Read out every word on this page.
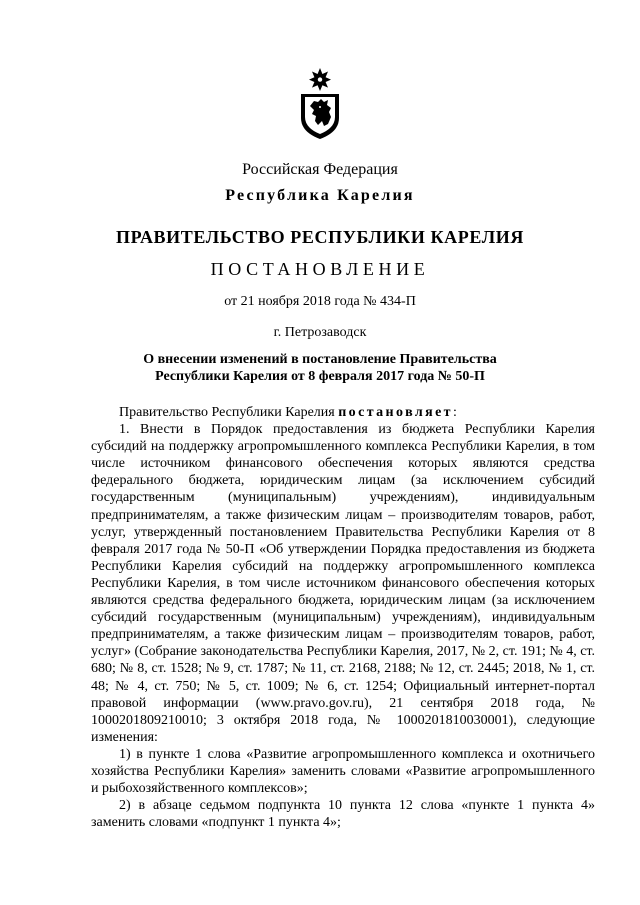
Российская Федерация
Республика Карелия
ПРАВИТЕЛЬСТВО РЕСПУБЛИКИ КАРЕЛИЯ
ПОСТАНОВЛЕНИЕ
от 21 ноября 2018 года № 434-П
г. Петрозаводск
О внесении изменений в постановление Правительства
Республики Карелия от 8 февраля 2017 года № 50-П

Правительство Республики Карелия постановляет:

1. Внести в Порядок предоставления из бюджета Республики Карелия субсидий на поддержку агропромышленного комплекса Республики Карелия, в том числе источником финансового обеспечения которых являются средства федерального бюджета, юридическим лицам (за исключением субсидий государственным (муниципальным) учреждениям), индивидуальным предпринимателям, а также физическим лицам – производителям товаров, работ, услуг, утвержденный постановлением Правительства Республики Карелия от 8 февраля 2017 года № 50-П «Об утверждении Порядка предоставления из бюджета Республики Карелия субсидий на поддержку агропромышленного комплекса Республики Карелия, в том числе источником финансового обеспечения которых являются средства федерального бюджета, юридическим лицам (за исключением субсидий государственным (муниципальным) учреждениям), индивидуальным предпринимателям, а также физическим лицам – производителям товаров, работ, услуг» (Собрание законодательства Республики Карелия, 2017, № 2, ст. 191; № 4, ст. 680; № 8, ст. 1528; № 9, ст. 1787; № 11, ст. 2168, 2188; № 12, ст. 2445; 2018, № 1, ст. 48; № 4, ст. 750; № 5, ст. 1009; № 6, ст. 1254; Официальный интернет-портал правовой информации (www.pravo.gov.ru), 21 сентября 2018 года, № 1000201809210010; 3 октября 2018 года, № 1000201810030001), следующие изменения:

1) в пункте 1 слова «Развитие агропромышленного комплекса и охотничьего хозяйства Республики Карелия» заменить словами «Развитие агропромышленного и рыбохозяйственного комплексов»;

2) в абзаце седьмом подпункта 10 пункта 12 слова «пункте 1 пункта 4» заменить словами «подпункт 1 пункта 4»;
